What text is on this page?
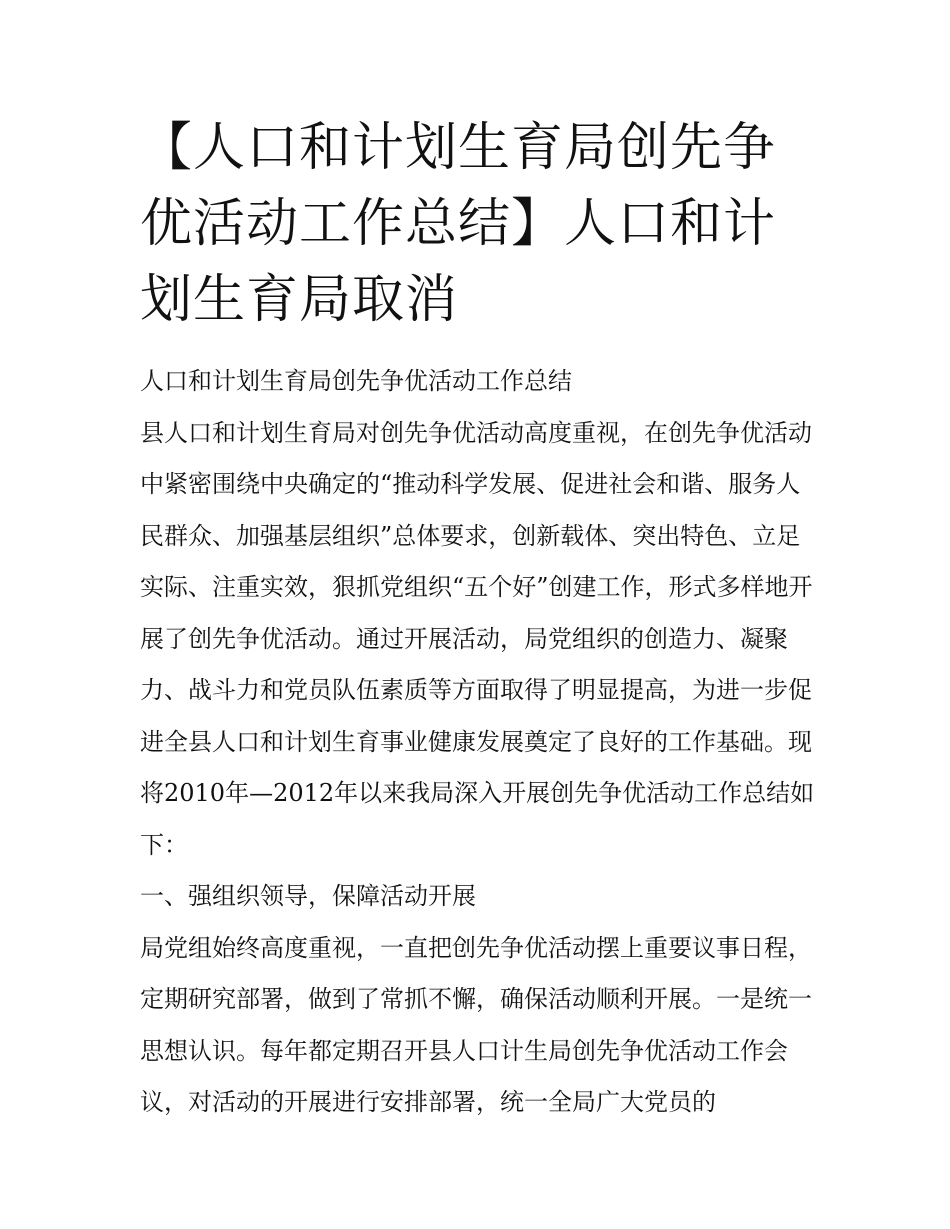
【人口和计划生育局创先争优活动工作总结】人口和计划生育局取消

人口和计划生育局创先争优活动工作总结

县人口和计划生育局对创先争优活动高度重视，在创先争优活动中紧密围绕中央确定的“推动科学发展、促进社会和谐、服务人民群众、加强基层组织”总体要求，创新载体、突出特色、立足实际、注重实效，狠抓党组织“五个好”创建工作，形式多样地开展了创先争优活动。通过开展活动，局党组织的创造力、凝聚力、战斗力和党员队伍素质等方面取得了明显提高，为进一步促进全县人口和计划生育事业健康发展奠定了良好的工作基础。现将2010年—2012年以来我局深入开展创先争优活动工作总结如下：

一、强组织领导，保障活动开展

局党组始终高度重视，一直把创先争优活动摆上重要议事日程，定期研究部署，做到了常抓不懈，确保活动顺利开展。一是统一思想认识。每年都定期召开县人口计生局创先争优活动工作会议，对活动的开展进行安排部署，统一全局广大党员的
